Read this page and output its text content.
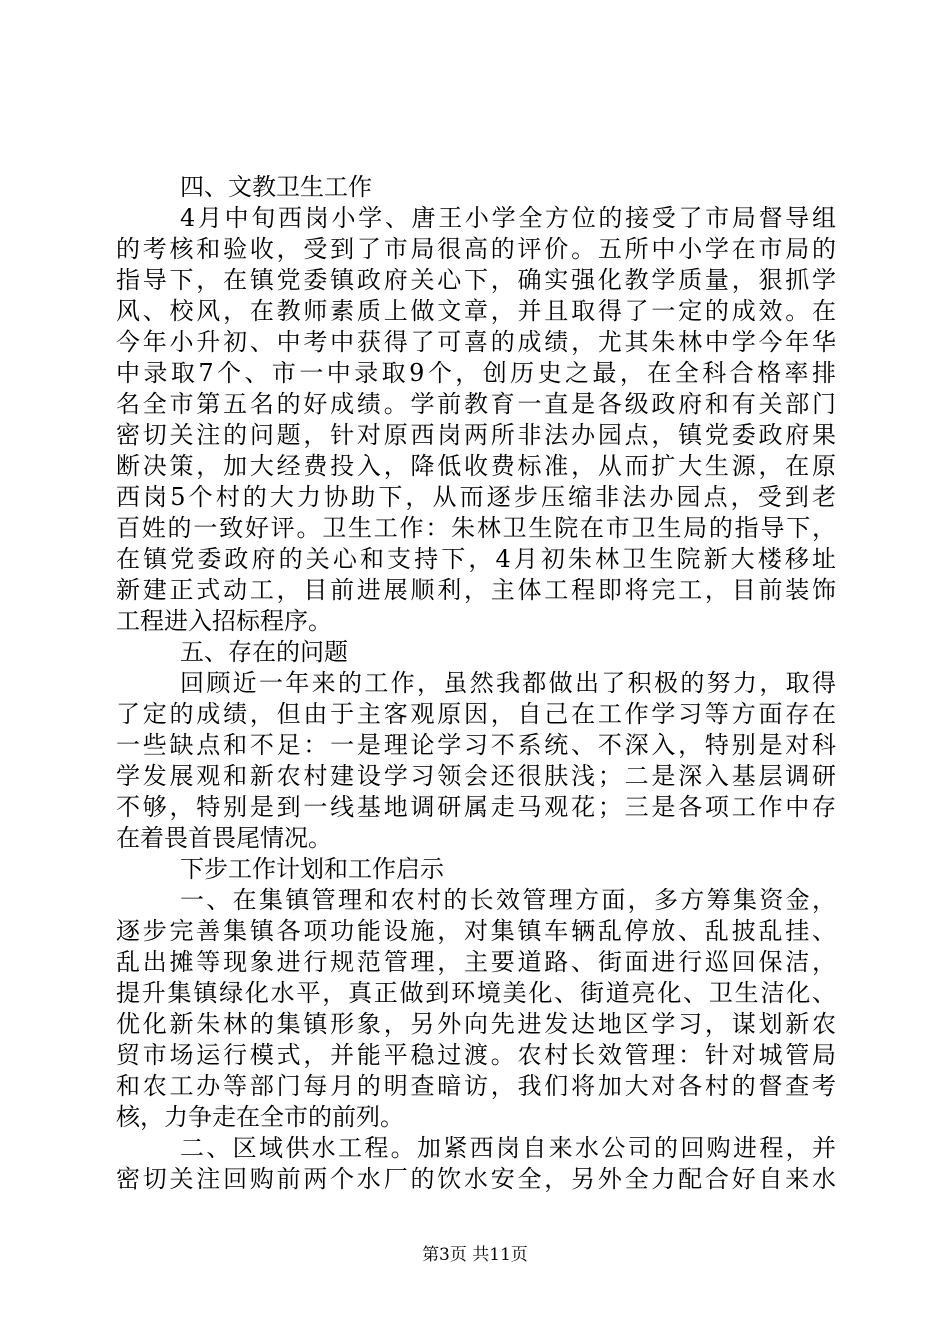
四、文教卫生工作
4月中旬西岗小学、唐王小学全方位的接受了市局督导组
的考核和验收，受到了市局很高的评价。五所中小学在市局的
指导下，在镇党委镇政府关心下，确实强化教学质量，狠抓学
风、校风，在教师素质上做文章，并且取得了一定的成效。在
今年小升初、中考中获得了可喜的成绩，尤其朱林中学今年华
中录取7个、市一中录取9个，创历史之最，在全科合格率排
名全市第五名的好成绩。学前教育一直是各级政府和有关部门
密切关注的问题，针对原西岗两所非法办园点，镇党委政府果
断决策，加大经费投入，降低收费标准，从而扩大生源，在原
西岗5个村的大力协助下，从而逐步压缩非法办园点，受到老
百姓的一致好评。卫生工作：朱林卫生院在市卫生局的指导下，
在镇党委政府的关心和支持下，4月初朱林卫生院新大楼移址
新建正式动工，目前进展顺利，主体工程即将完工，目前装饰
工程进入招标程序。
五、存在的问题
回顾近一年来的工作，虽然我都做出了积极的努力，取得
了定的成绩，但由于主客观原因，自己在工作学习等方面存在
一些缺点和不足：一是理论学习不系统、不深入，特别是对科
学发展观和新农村建设学习领会还很肤浅；二是深入基层调研
不够，特别是到一线基地调研属走马观花；三是各项工作中存
在着畏首畏尾情况。
下步工作计划和工作启示
一、在集镇管理和农村的长效管理方面，多方筹集资金，
逐步完善集镇各项功能设施，对集镇车辆乱停放、乱披乱挂、
乱出摊等现象进行规范管理，主要道路、街面进行巡回保洁，
提升集镇绿化水平，真正做到环境美化、街道亮化、卫生洁化、
优化新朱林的集镇形象，另外向先进发达地区学习，谋划新农
贸市场运行模式，并能平稳过渡。农村长效管理：针对城管局
和农工办等部门每月的明查暗访，我们将加大对各村的督查考
核，力争走在全市的前列。
二、区域供水工程。加紧西岗自来水公司的回购进程，并
密切关注回购前两个水厂的饮水安全，另外全力配合好自来水
第3页 共11页
